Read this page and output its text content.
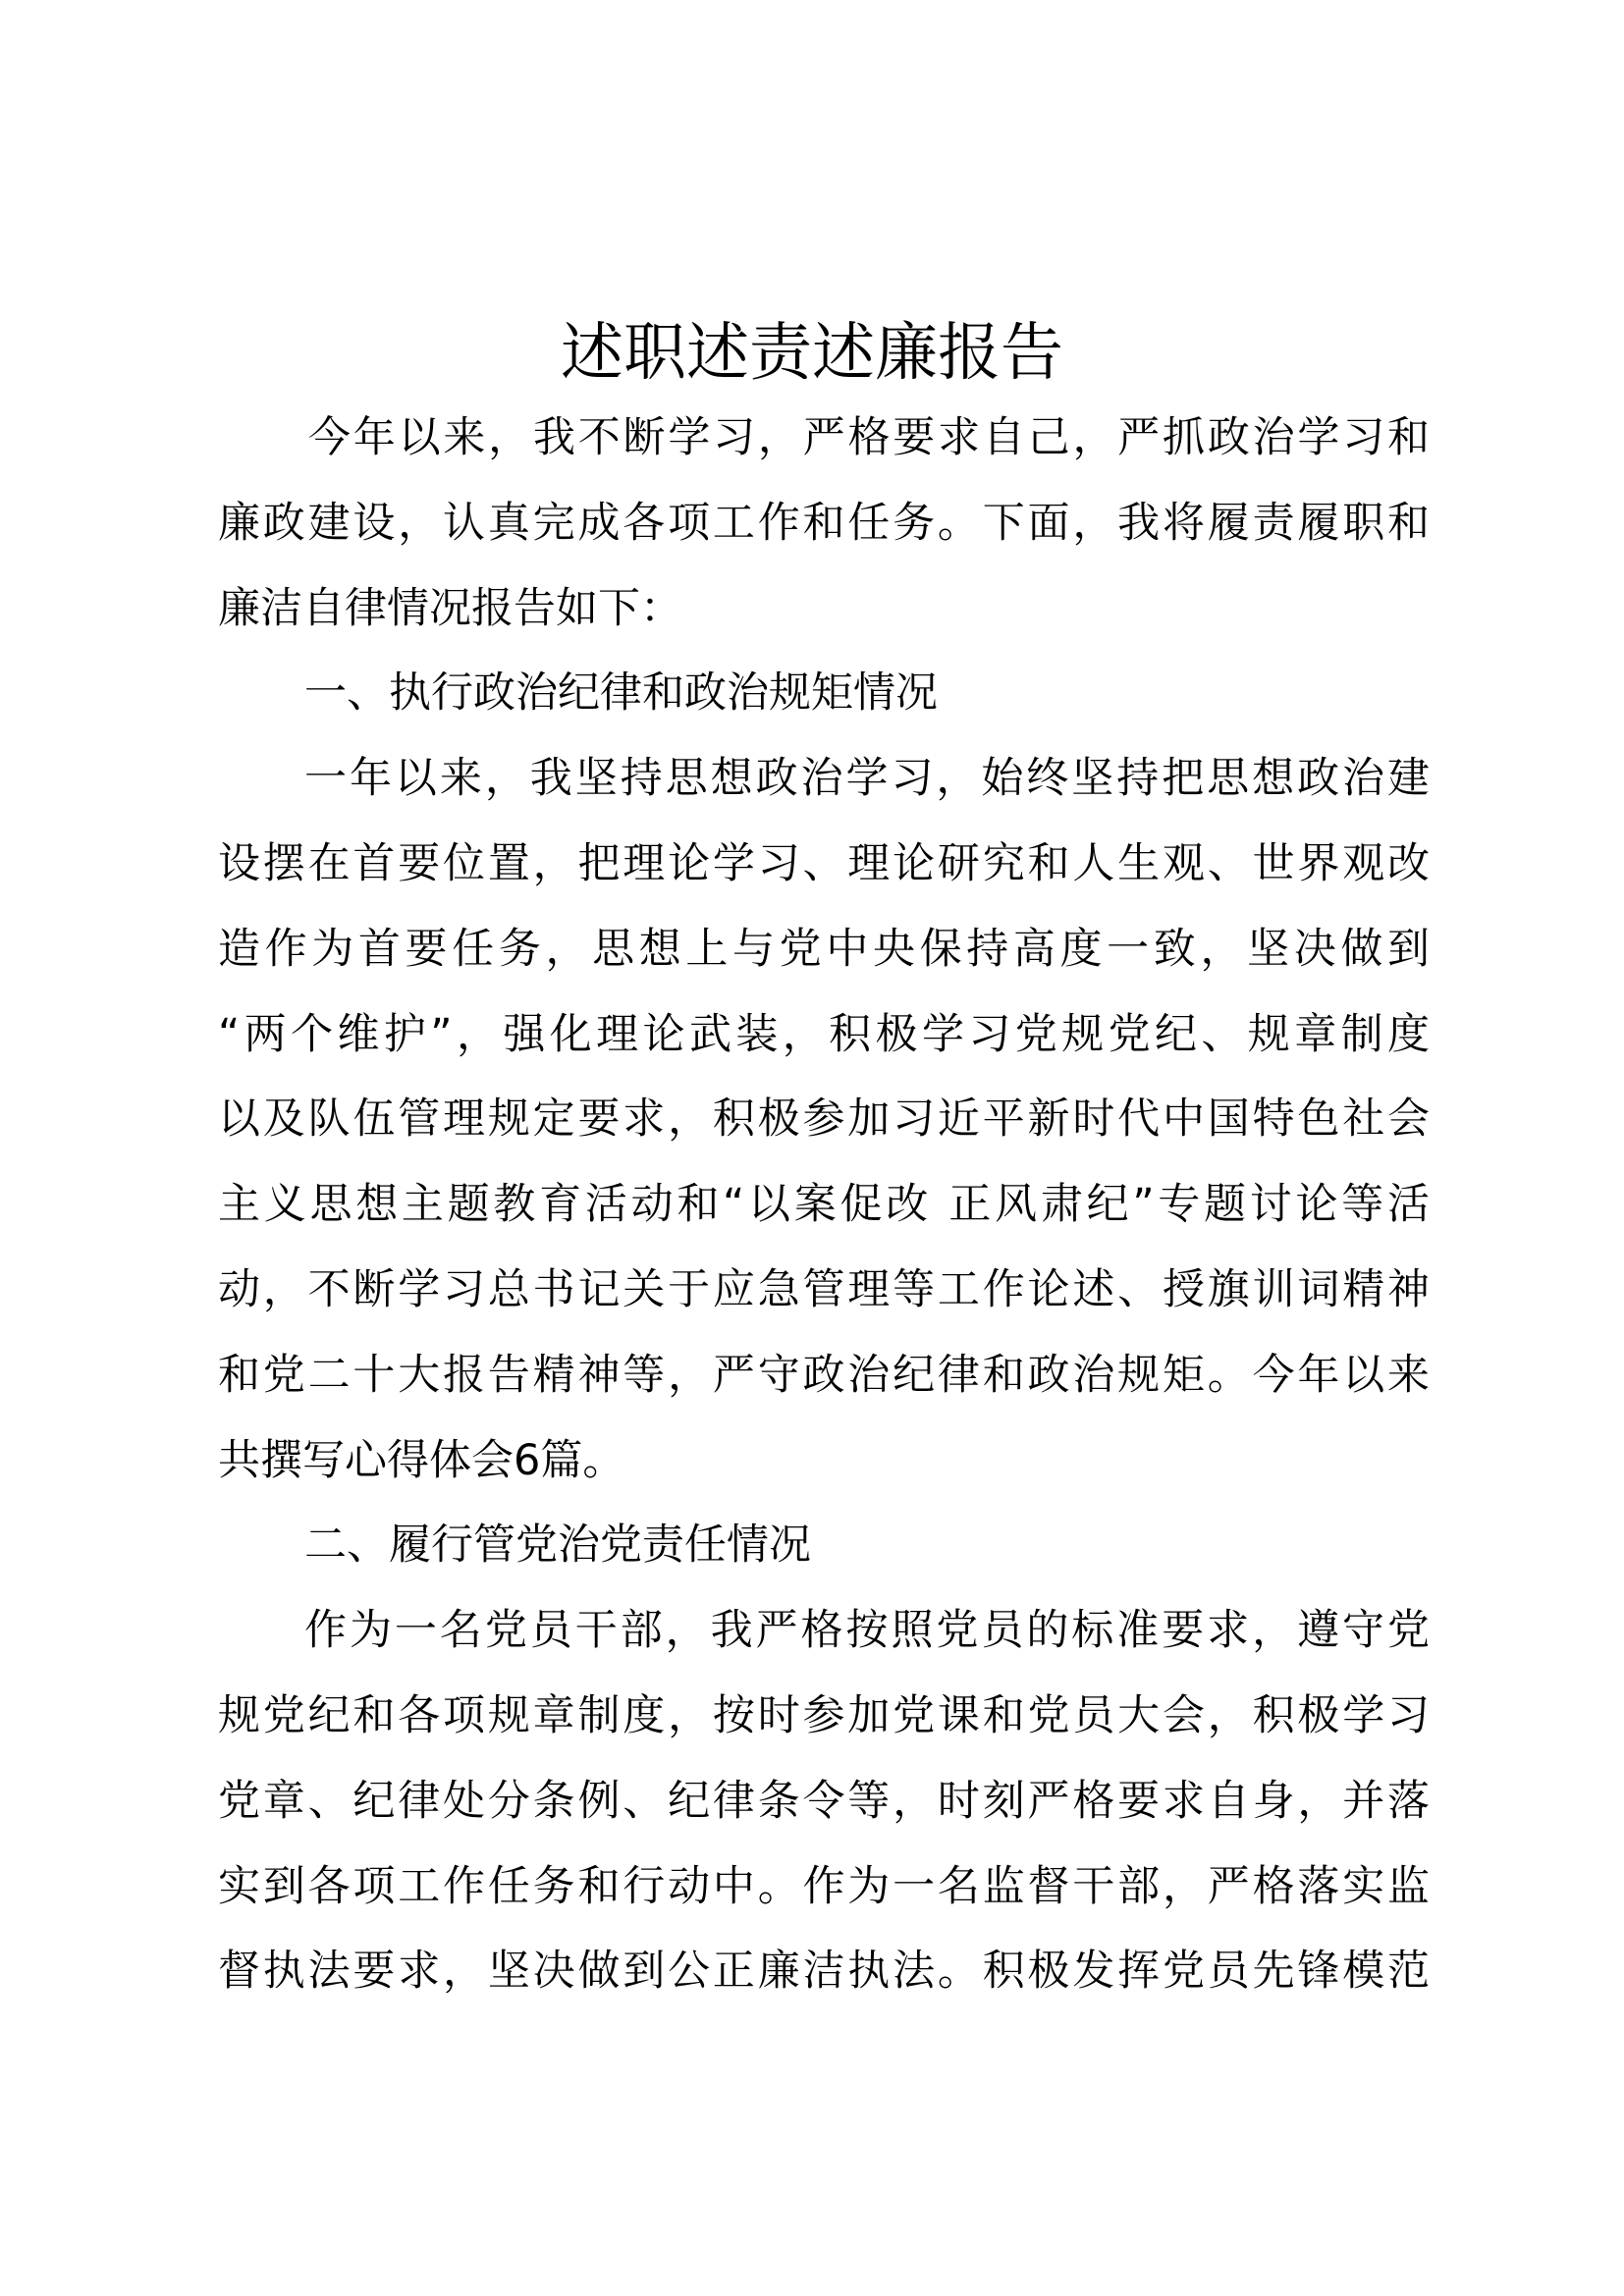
述职述责述廉报告
今年以来，我不断学习，严格要求自己，严抓政治学习和
廉政建设，认真完成各项工作和任务。下面，我将履责履职和
廉洁自律情况报告如下：
一、执行政治纪律和政治规矩情况
一年以来，我坚持思想政治学习，始终坚持把思想政治建
设摆在首要位置，把理论学习、理论研究和人生观、世界观改
造作为首要任务，思想上与党中央保持高度一致，坚决做到
“两个维护”，强化理论武装，积极学习党规党纪、规章制度
以及队伍管理规定要求，积极参加习近平新时代中国特色社会
主义思想主题教育活动和“以案促改 正风肃纪”专题讨论等活
动，不断学习总书记关于应急管理等工作论述、授旗训词精神
和党二十大报告精神等，严守政治纪律和政治规矩。今年以来
共撰写心得体会6篇。
二、履行管党治党责任情况
作为一名党员干部，我严格按照党员的标准要求，遵守党
规党纪和各项规章制度，按时参加党课和党员大会，积极学习
党章、纪律处分条例、纪律条令等，时刻严格要求自身，并落
实到各项工作任务和行动中。作为一名监督干部，严格落实监
督执法要求，坚决做到公正廉洁执法。积极发挥党员先锋模范
